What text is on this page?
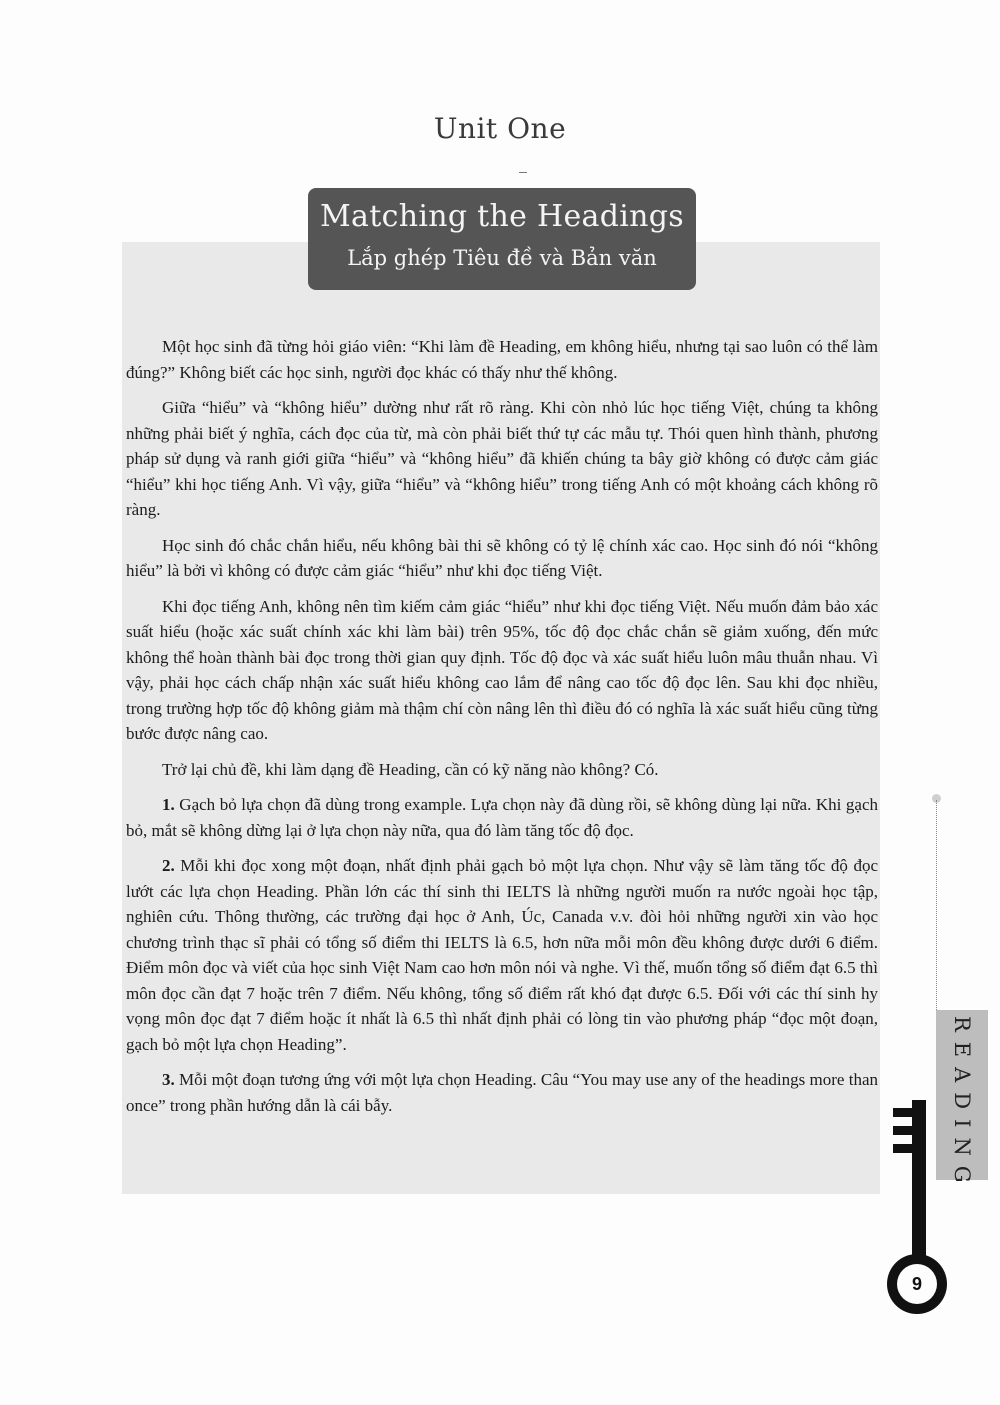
Unit One
Matching the Headings
Lắp ghép Tiêu đề và Bản văn

Một học sinh đã từng hỏi giáo viên: “Khi làm đề Heading, em không hiểu, nhưng tại sao luôn có thể làm đúng?” Không biết các học sinh, người đọc khác có thấy như thế không.

Giữa “hiểu” và “không hiểu” dường như rất rõ ràng. Khi còn nhỏ lúc học tiếng Việt, chúng ta không những phải biết ý nghĩa, cách đọc của từ, mà còn phải biết thứ tự các mẫu tự. Thói quen hình thành, phương pháp sử dụng và ranh giới giữa “hiểu” và “không hiểu” đã khiến chúng ta bây giờ không có được cảm giác “hiểu” khi học tiếng Anh. Vì vậy, giữa “hiểu” và “không hiểu” trong tiếng Anh có một khoảng cách không rõ ràng.

Học sinh đó chắc chắn hiểu, nếu không bài thi sẽ không có tỷ lệ chính xác cao. Học sinh đó nói “không hiểu” là bởi vì không có được cảm giác “hiểu” như khi đọc tiếng Việt.

Khi đọc tiếng Anh, không nên tìm kiếm cảm giác “hiểu” như khi đọc tiếng Việt. Nếu muốn đảm bảo xác suất hiểu (hoặc xác suất chính xác khi làm bài) trên 95%, tốc độ đọc chắc chắn sẽ giảm xuống, đến mức không thể hoàn thành bài đọc trong thời gian quy định. Tốc độ đọc và xác suất hiểu luôn mâu thuẫn nhau. Vì vậy, phải học cách chấp nhận xác suất hiểu không cao lắm để nâng cao tốc độ đọc lên. Sau khi đọc nhiều, trong trường hợp tốc độ không giảm mà thậm chí còn nâng lên thì điều đó có nghĩa là xác suất hiểu cũng từng bước được nâng cao.

Trở lại chủ đề, khi làm dạng đề Heading, cần có kỹ năng nào không? Có.

1. Gạch bỏ lựa chọn đã dùng trong example. Lựa chọn này đã dùng rồi, sẽ không dùng lại nữa. Khi gạch bỏ, mắt sẽ không dừng lại ở lựa chọn này nữa, qua đó làm tăng tốc độ đọc.

2. Mỗi khi đọc xong một đoạn, nhất định phải gạch bỏ một lựa chọn. Như vậy sẽ làm tăng tốc độ đọc lướt các lựa chọn Heading. Phần lớn các thí sinh thi IELTS là những người muốn ra nước ngoài học tập, nghiên cứu. Thông thường, các trường đại học ở Anh, Úc, Canada v.v. đòi hỏi những người xin vào học chương trình thạc sĩ phải có tổng số điểm thi IELTS là 6.5, hơn nữa mỗi môn đều không được dưới 6 điểm. Điểm môn đọc và viết của học sinh Việt Nam cao hơn môn nói và nghe. Vì thế, muốn tổng số điểm đạt 6.5 thì môn đọc cần đạt 7 hoặc trên 7 điểm. Nếu không, tổng số điểm rất khó đạt được 6.5. Đối với các thí sinh hy vọng môn đọc đạt 7 điểm hoặc ít nhất là 6.5 thì nhất định phải có lòng tin vào phương pháp “đọc một đoạn, gạch bỏ một lựa chọn Heading”.

3. Mỗi một đoạn tương ứng với một lựa chọn Heading. Câu “You may use any of the headings more than once” trong phần hướng dẫn là cái bẫy.	READING
9
